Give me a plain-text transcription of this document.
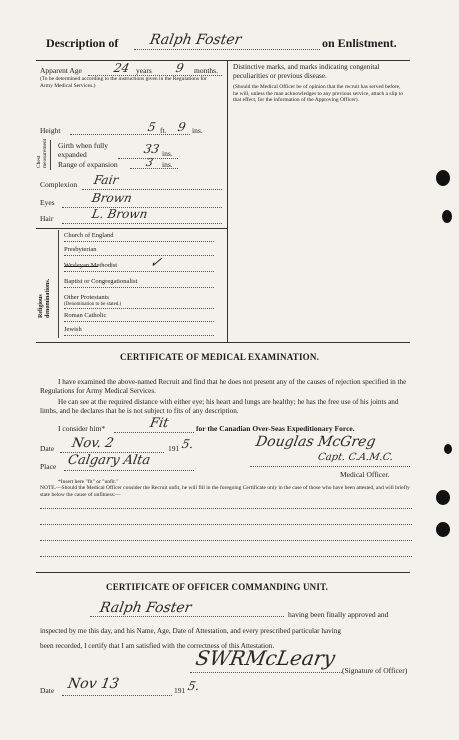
Description of Ralph Foster	on Enlistment.
Apparent Age	24 years 9 months.
(To be determined according to the instructions given in the Regulations for Army Medical Services.)
Distinctive marks, and marks indicating congenital peculiarities or previous disease.
(Should the Medical Officer be of opinion that the recruit has served before, he will, unless the man acknowledges to any previous service, attach a slip to that effect, for the information of the Approving Officer).
Height	5 ft. 9 ins.
Chest measurement Girth when fully expanded	33 ins.
Range of expansion 3 ins.
Complexion Fair
Eyes	Brown
Hair	L. Brown
Religious denominations.
Church of England
Presbyterian
Wesleyan Methodist ✓
Baptist or Congregationalist
Other Protestants
(Denomination to be stated.)
Roman Catholic
Jewish
CERTIFICATE OF MEDICAL EXAMINATION.
I have examined the above-named Recruit and find that he does not present any of the causes of rejection specified in the Regulations for Army Medical Services.
He can see at the required distance with either eye; his heart and lungs are healthy; he has the free use of his joints and limbs, and he declares that he is not subject to fits of any description.
I consider him*	Fit	for the Canadian Over-Seas Expeditionary Force.
Date Nov. 2	191 5.
Place Calgary Alta
Douglas McGreg
Capt. C.A.M.C.
Medical Officer.
*Insert here "fit" or "unfit."
NOTE.—Should the Medical Officer consider the Recruit unfit, he will fill in the foregoing Certificate only in the case of those who have been attested, and will briefly state below the cause of unfitness:—
CERTIFICATE OF OFFICER COMMANDING UNIT.
Ralph Foster	having been finally approved and
inspected by me this day, and his Name, Age, Date of Attestation, and every prescribed particular having
been recorded, I certify that I am satisfied with the correctness of this Attestation.
SWRMcLeary
(Signature of Officer)
Date Nov 13	191 5.
